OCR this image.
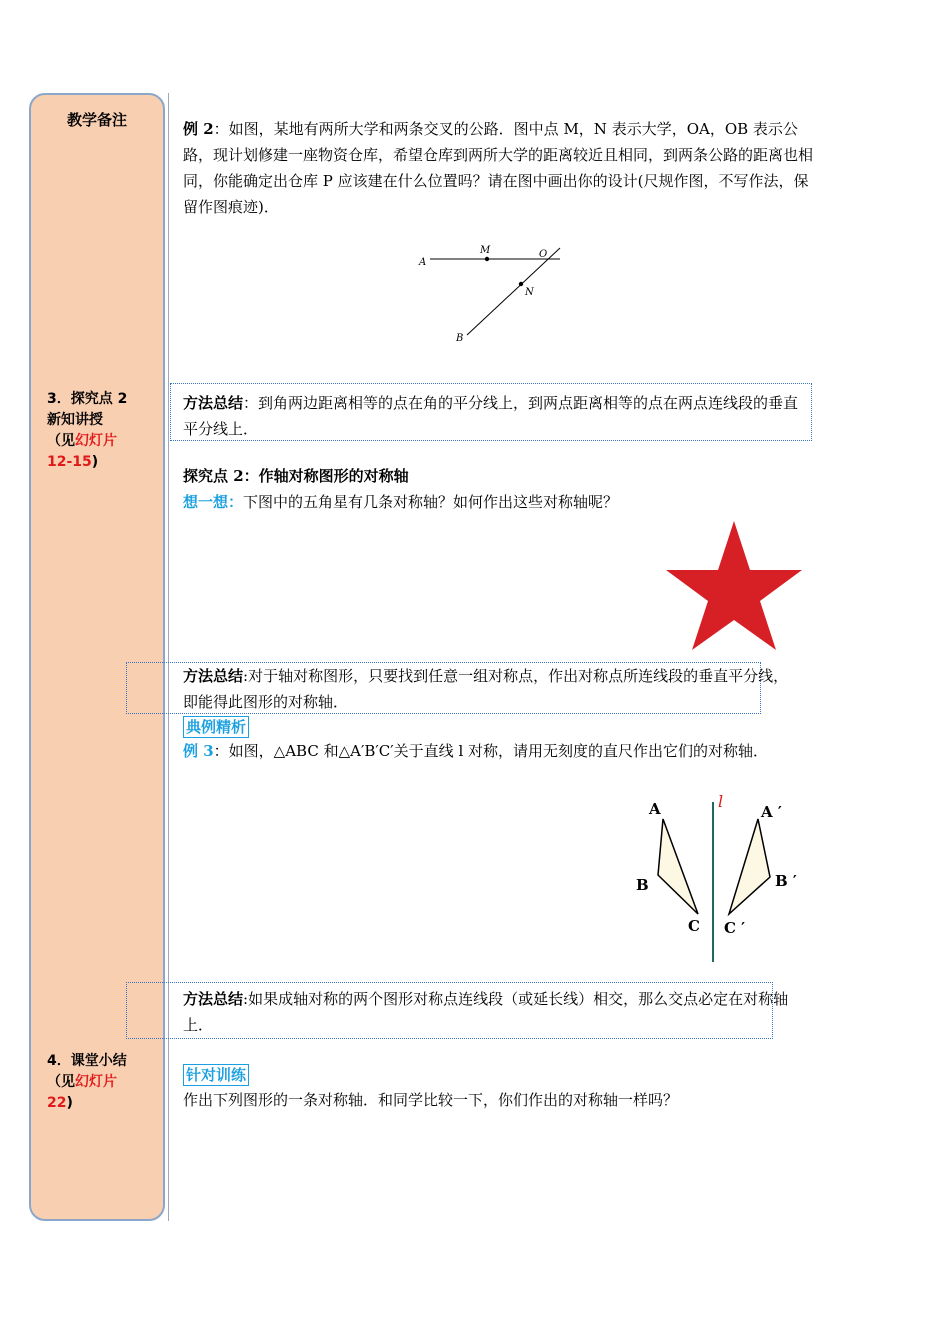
教学备注
3．探究点 2
新知讲授
（见幻灯片
12-15)
4．课堂小结
（见幻灯片
22)
例 2：如图，某地有两所大学和两条交叉的公路．图中点 M，N 表示大学，OA，OB 表示公路，现计划修建一座物资仓库，希望仓库到两所大学的距离较近且相同，到两条公路的距离也相同，你能确定出仓库 P 应该建在什么位置吗？请在图中画出你的设计(尺规作图，不写作法，保留作图痕迹)．
A
M	O
N
B
方法总结：到角两边距离相等的点在角的平分线上，到两点距离相等的点在两点连线段的垂直平分线上．
探究点 2：作轴对称图形的对称轴
想一想：下图中的五角星有几条对称轴？如何作出这些对称轴呢？
方法总结:对于轴对称图形，只要找到任意一组对称点，作出对称点所连线段的垂直平分线，即能得此图形的对称轴．
典例精析
例 3：如图，△ABC 和△A′B′C′关于直线 l 对称，请用无刻度的直尺作出它们的对称轴．
l
A
B
C
A ′
B ′
C ′
方法总结:如果成轴对称的两个图形对称点连线段（或延长线）相交，那么交点必定在对称轴上．
针对训练
作出下列图形的一条对称轴．和同学比较一下，你们作出的对称轴一样吗？
